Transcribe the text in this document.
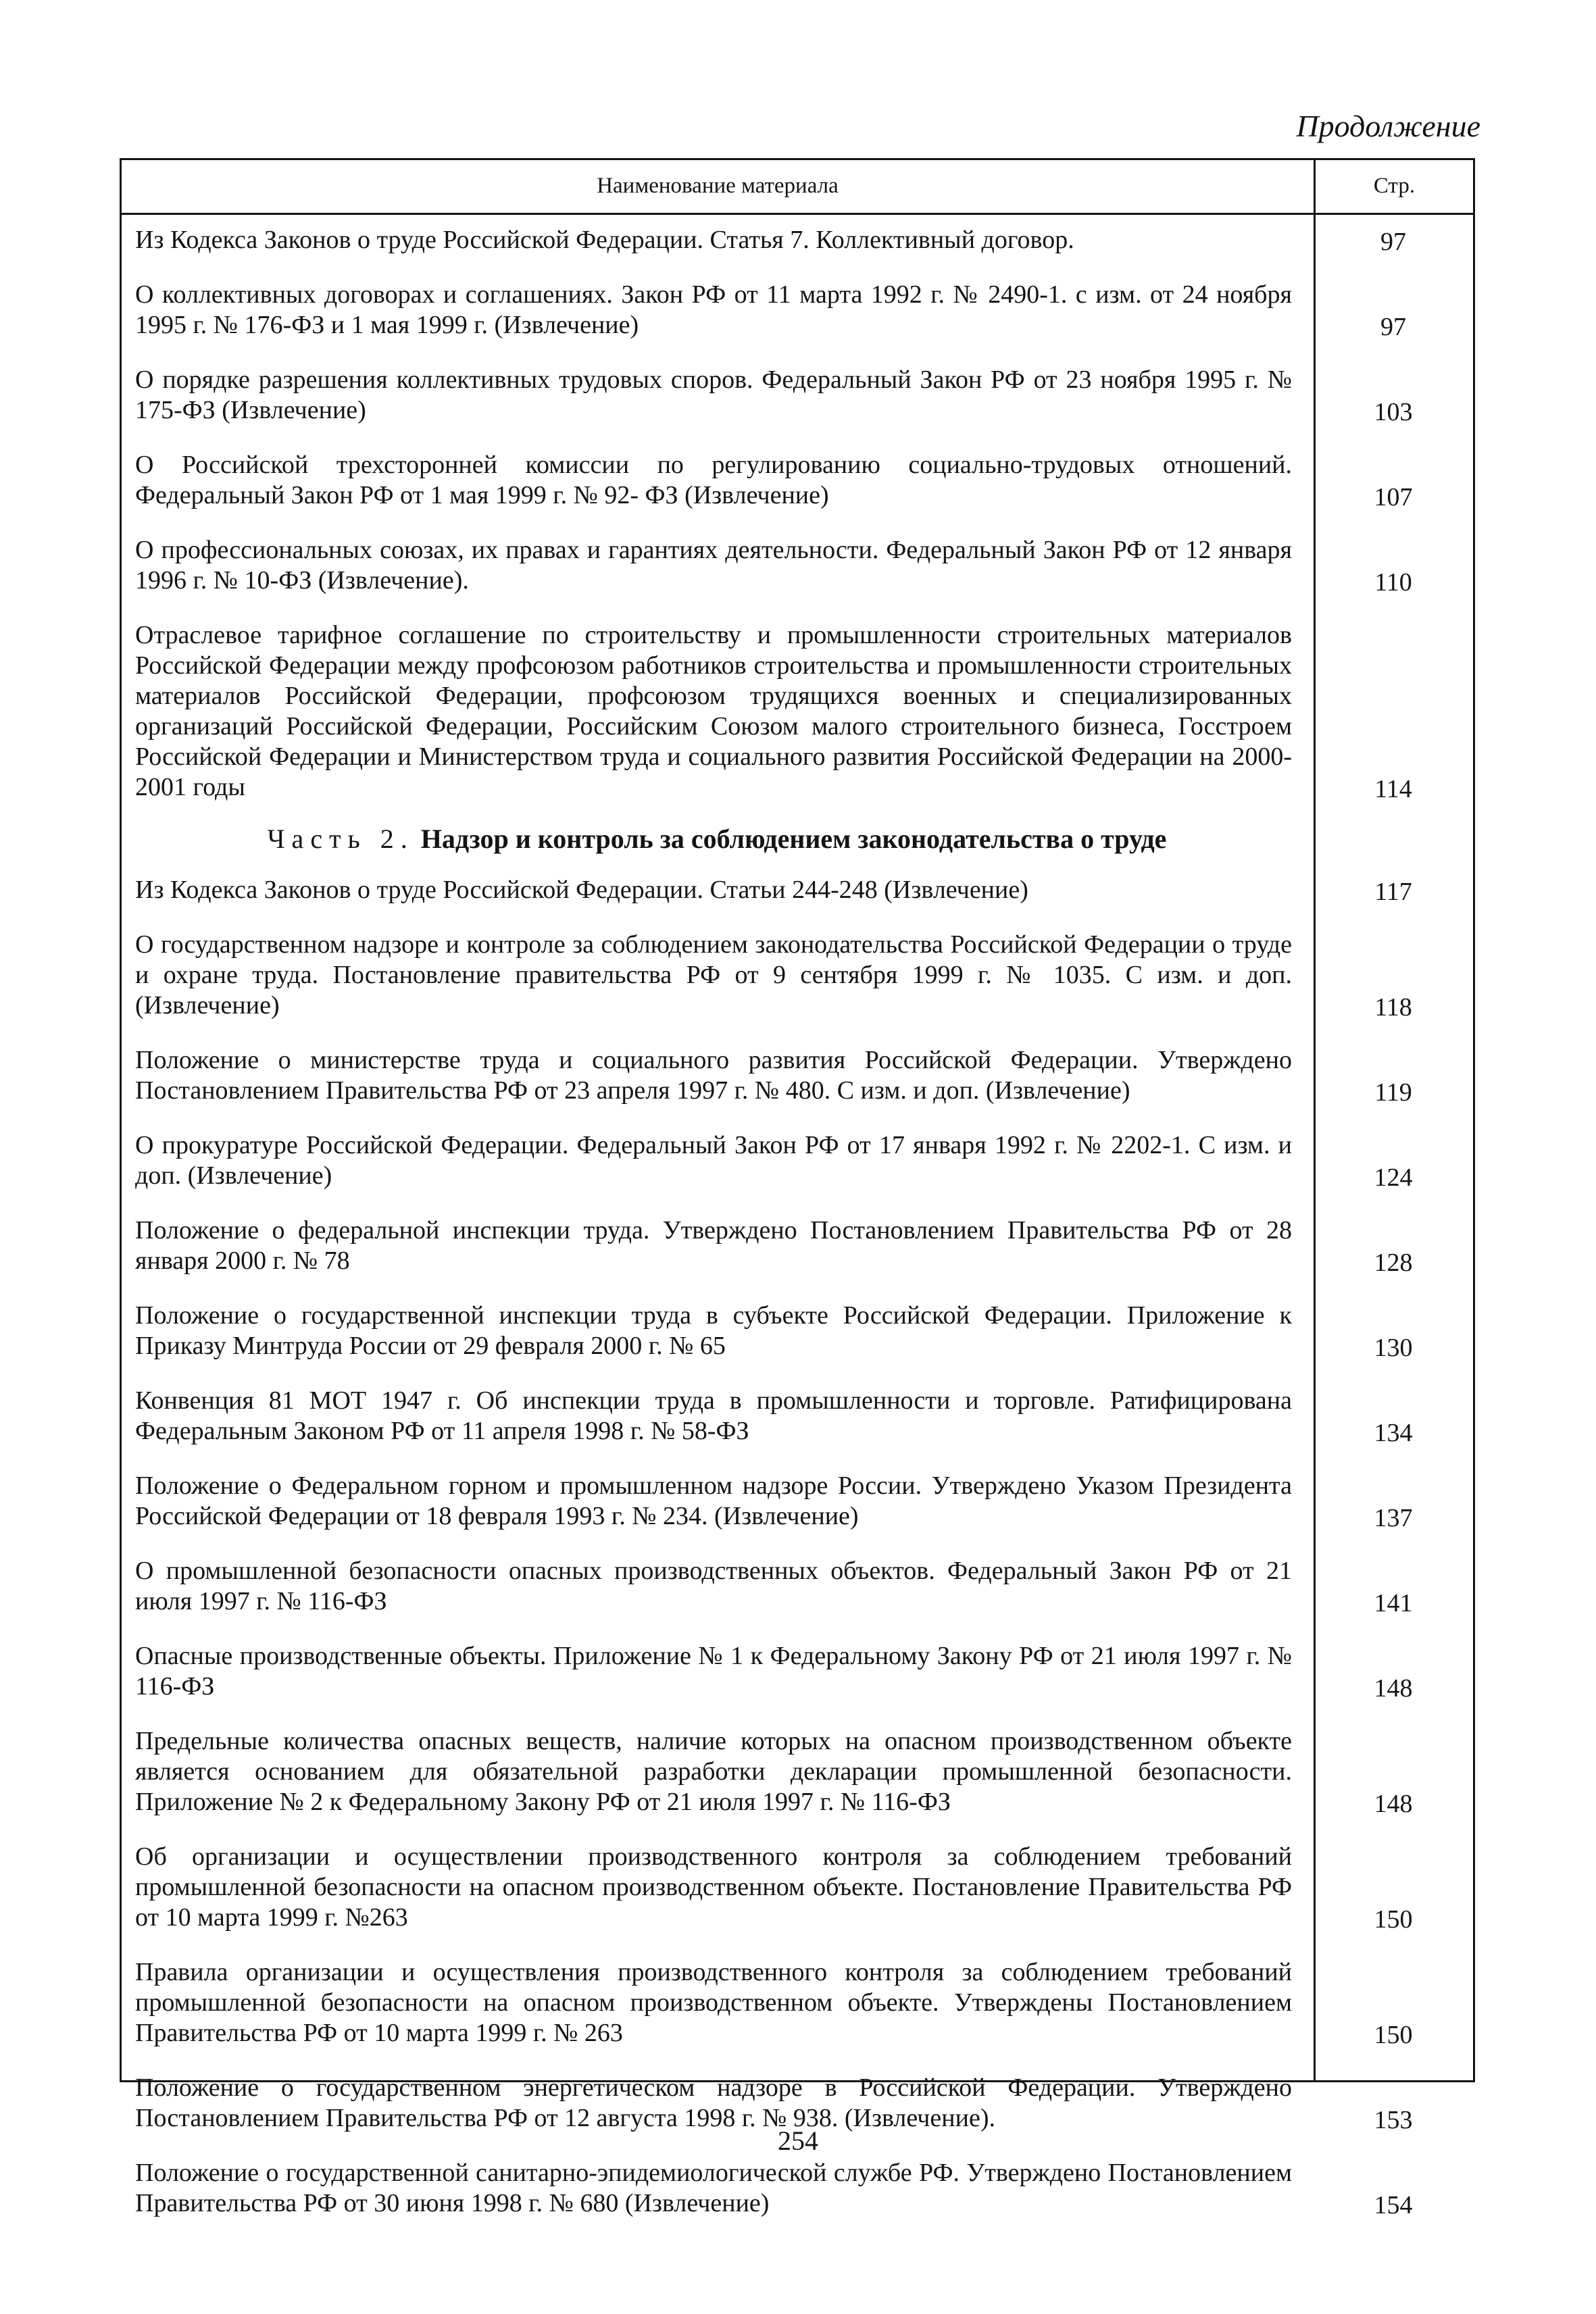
Продолжение
Наименование материала	Стр.
Из Кодекса Законов о труде Российской Федерации. Статья 7. Коллективный договор.	97
О коллективных договорах и соглашениях. Закон РФ от 11 марта 1992 г. № 2490-1. с изм. от 24 ноября 1995 г. № 176-ФЗ и 1 мая 1999 г. (Извлечение)	97
О порядке разрешения коллективных трудовых споров. Федеральный Закон РФ от 23 ноября 1995 г. № 175-ФЗ (Извлечение)	103
О Российской трехсторонней комиссии по регулированию социально-трудовых отношений. Федеральный Закон РФ от 1 мая 1999 г. № 92- ФЗ (Извлечение)	107
О профессиональных союзах, их правах и гарантиях деятельности. Федеральный Закон РФ от 12 января 1996 г. № 10-ФЗ (Извлечение).	110
Отраслевое тарифное соглашение по строительству и промышленности строительных материалов Российской Федерации между профсоюзом работников строительства и промышленности строительных материалов Российской Федерации, профсоюзом трудящихся военных и специализированных организаций Российской Федерации, Российским Союзом малого строительного бизнеса, Госстроем Российской Федерации и Министерством труда и социального развития Российской Федерации на 2000-2001 годы	114
Часть 2. Надзор и контроль за соблюдением законодательства о труде
Из Кодекса Законов о труде Российской Федерации. Статьи 244-248 (Извлечение)	117
О государственном надзоре и контроле за соблюдением законодательства Российской Федерации о труде и охране труда. Постановление правительства РФ от 9 сентября 1999 г. № 1035. С изм. и доп. (Извлечение)	118
Положение о министерстве труда и социального развития Российской Федерации. Утверждено Постановлением Правительства РФ от 23 апреля 1997 г. № 480. С изм. и доп. (Извлечение)	119
О прокуратуре Российской Федерации. Федеральный Закон РФ от 17 января 1992 г. № 2202-1. С изм. и доп. (Извлечение)	124
Положение о федеральной инспекции труда. Утверждено Постановлением Правительства РФ от 28 января 2000 г. № 78	128
Положение о государственной инспекции труда в субъекте Российской Федерации. Приложение к Приказу Минтруда России от 29 февраля 2000 г. № 65	130
Конвенция 81 МОТ 1947 г. Об инспекции труда в промышленности и торговле. Ратифицирована Федеральным Законом РФ от 11 апреля 1998 г. № 58-ФЗ	134
Положение о Федеральном горном и промышленном надзоре России. Утверждено Указом Президента Российской Федерации от 18 февраля 1993 г. № 234. (Извлечение)	137
О промышленной безопасности опасных производственных объектов. Федеральный Закон РФ от 21 июля 1997 г. № 116-ФЗ	141
Опасные производственные объекты. Приложение № 1 к Федеральному Закону РФ от 21 июля 1997 г. № 116-ФЗ	148
Предельные количества опасных веществ, наличие которых на опасном производственном объекте является основанием для обязательной разработки декларации промышленной безопасности. Приложение № 2 к Федеральному Закону РФ от 21 июля 1997 г. № 116-ФЗ	148
Об организации и осуществлении производственного контроля за соблюдением требований промышленной безопасности на опасном производственном объекте. Постановление Правительства РФ от 10 марта 1999 г. №263	150
Правила организации и осуществления производственного контроля за соблюдением требований промышленной безопасности на опасном производственном объекте. Утверждены Постановлением Правительства РФ от 10 марта 1999 г. № 263	150
Положение о государственном энергетическом надзоре в Российской Федерации. Утверждено Постановлением Правительства РФ от 12 августа 1998 г. № 938. (Извлечение).	153
Положение о государственной санитарно-эпидемиологической службе РФ. Утверждено Постановлением Правительства РФ от 30 июня 1998 г. № 680 (Извлечение)	154
254
